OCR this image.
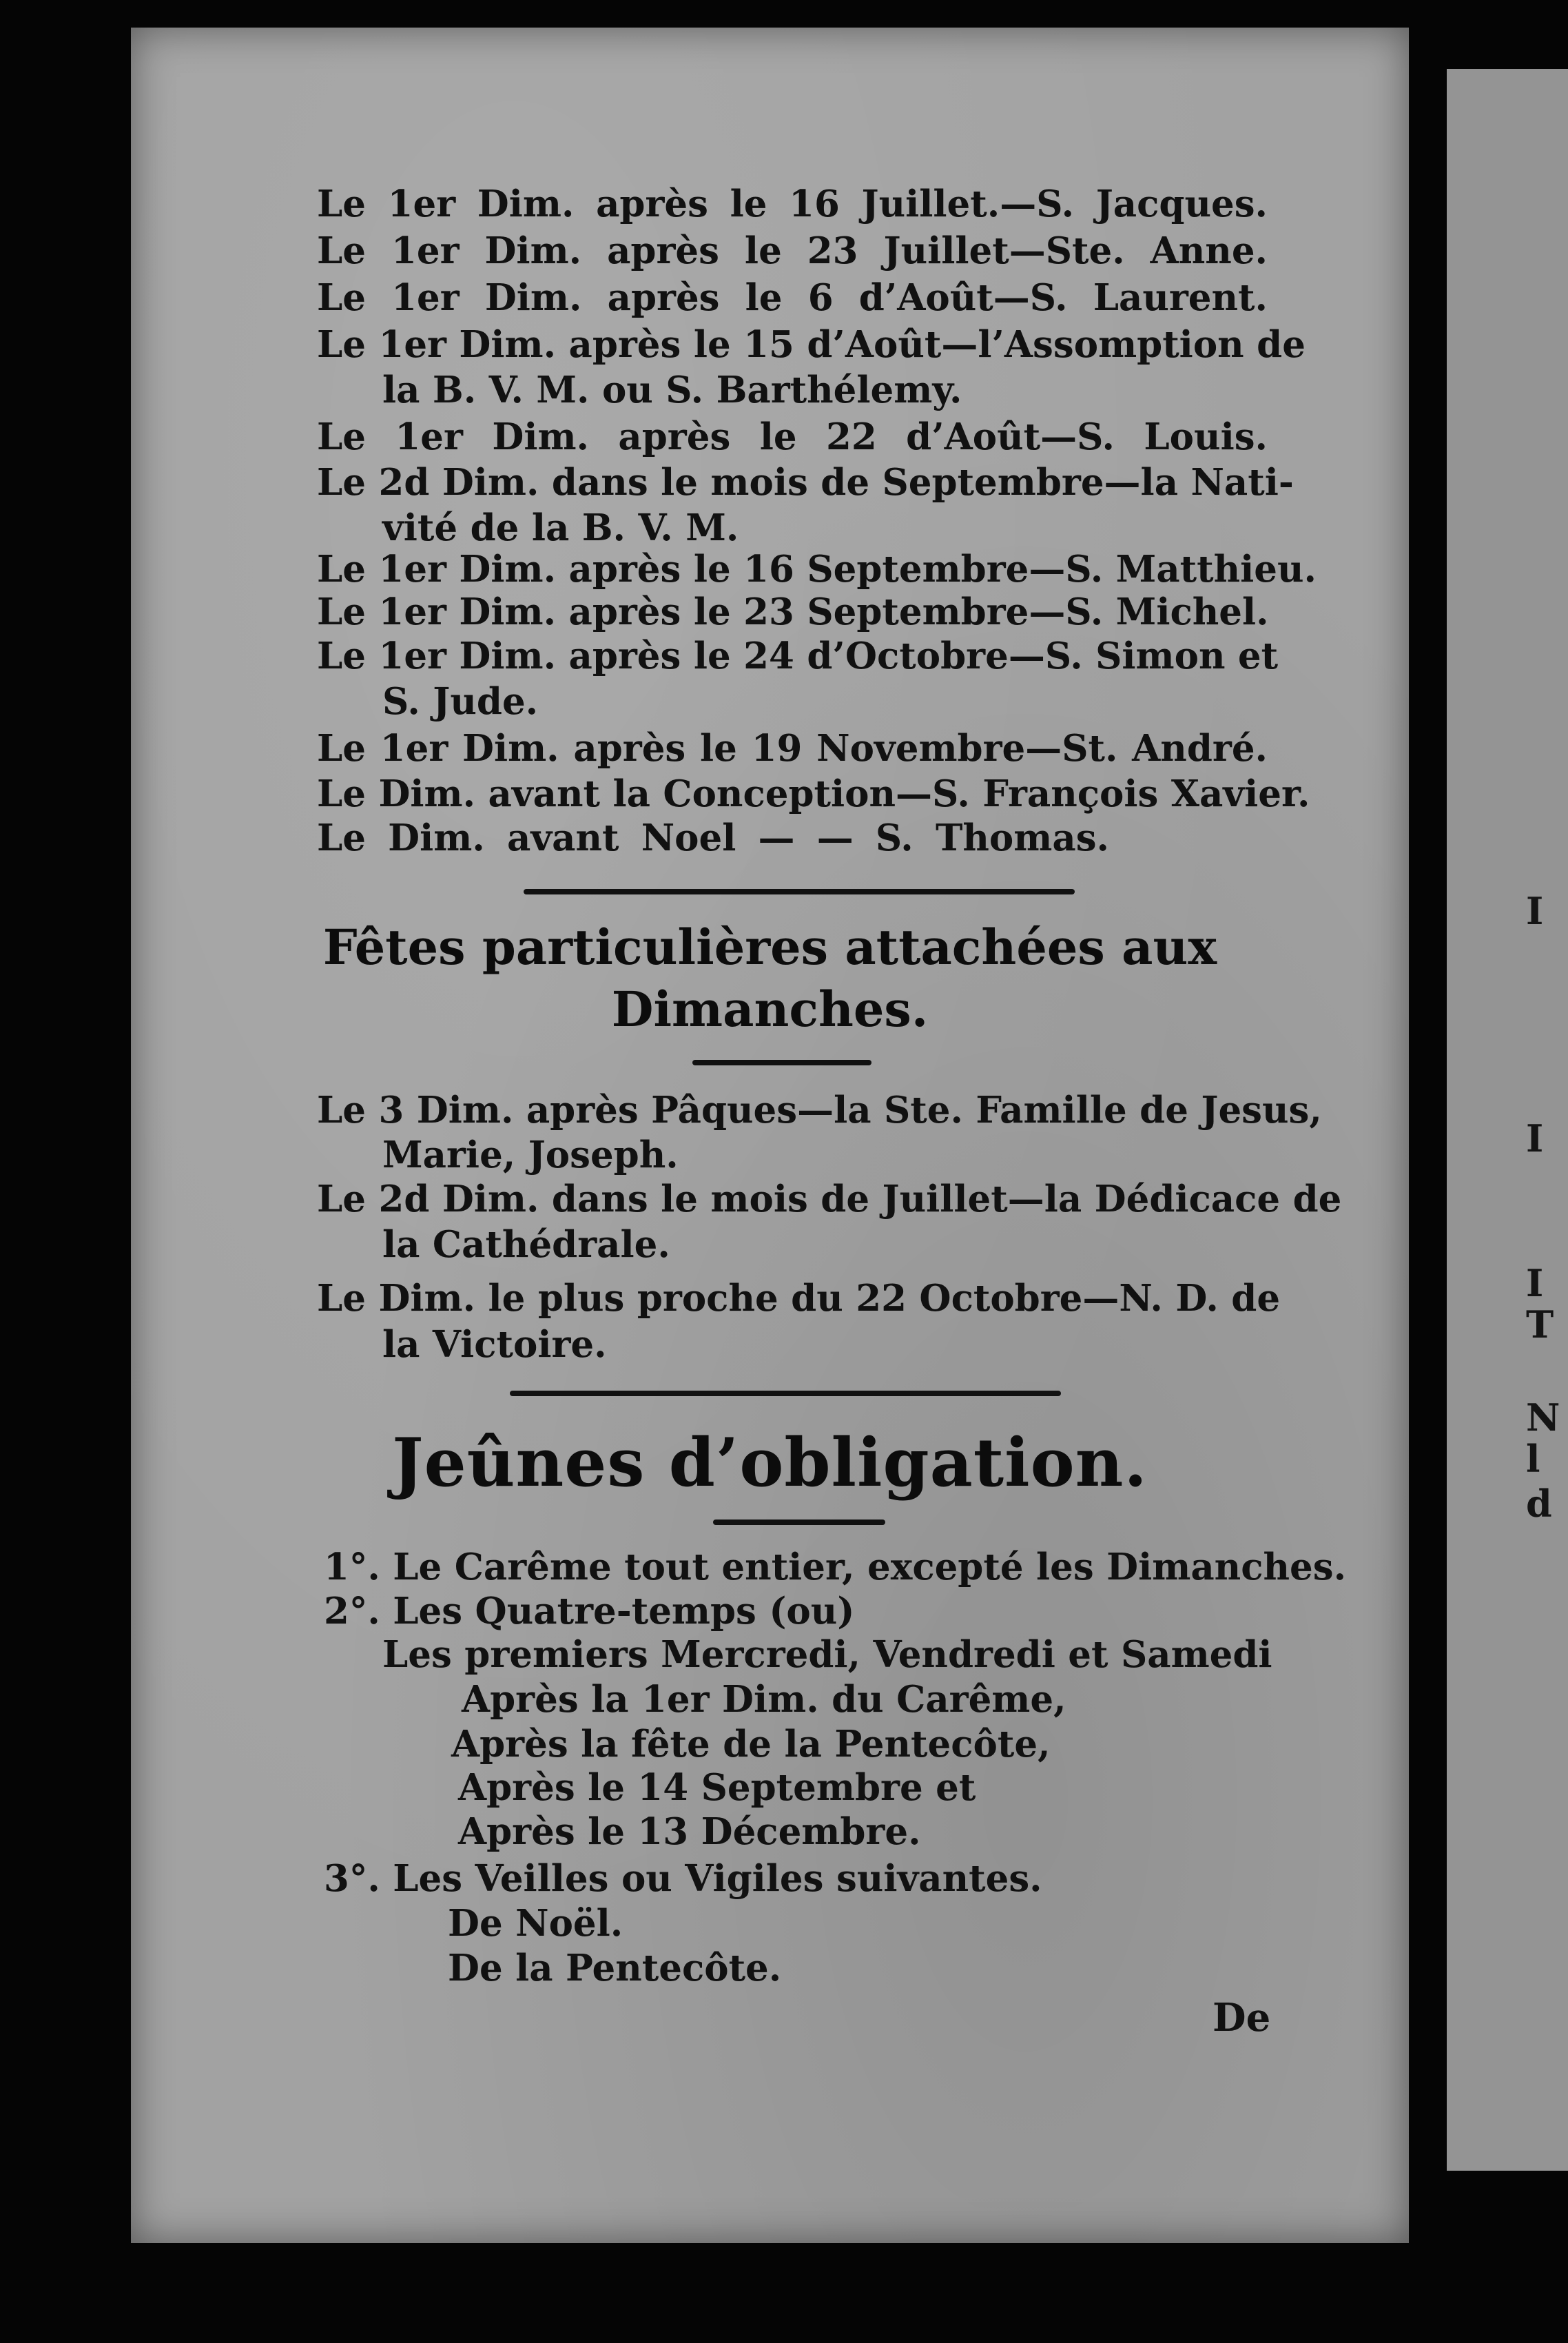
Le 1er Dim. après le 16 Juillet.—S. Jacques.
Le 1er Dim. après le 23 Juillet—Ste. Anne.
Le 1er Dim. après le 6 d’Août—S. Laurent.
Le 1er Dim. après le 15 d’Août—l’Assomption de
la B. V. M. ou S. Barthélemy.
Le 1er Dim. après le 22 d’Août—S. Louis.
Le 2d Dim. dans le mois de Septembre—la Nati-
vité de la B. V. M.
Le 1er Dim. après le 16 Septembre—S. Matthieu.
Le 1er Dim. après le 23 Septembre—S. Michel.
Le 1er Dim. après le 24 d’Octobre—S. Simon et
S. Jude.
Le 1er Dim. après le 19 Novembre—St. André.
Le Dim. avant la Conception—S. François Xavier.
Le Dim. avant Noel — — S. Thomas.
Fêtes particulières attachées aux
Dimanches.
Le 3 Dim. après Pâques—la Ste. Famille de Jesus,
Marie, Joseph.
Le 2d Dim. dans le mois de Juillet—la Dédicace de
la Cathédrale.
Le Dim. le plus proche du 22 Octobre—N. D. de
la Victoire.
Jeûnes d’obligation.
1°. Le Carême tout entier, excepté les Dimanches.
2°. Les Quatre-temps (ou)
Les premiers Mercredi, Vendredi et Samedi
Après la 1er Dim. du Carême,
Après la fête de la Pentecôte,
Après le 14 Septembre et
Après le 13 Décembre.
3°. Les Veilles ou Vigiles suivantes.
De Noël.
De la Pentecôte.
De
I
I
I
T
N
l
d
